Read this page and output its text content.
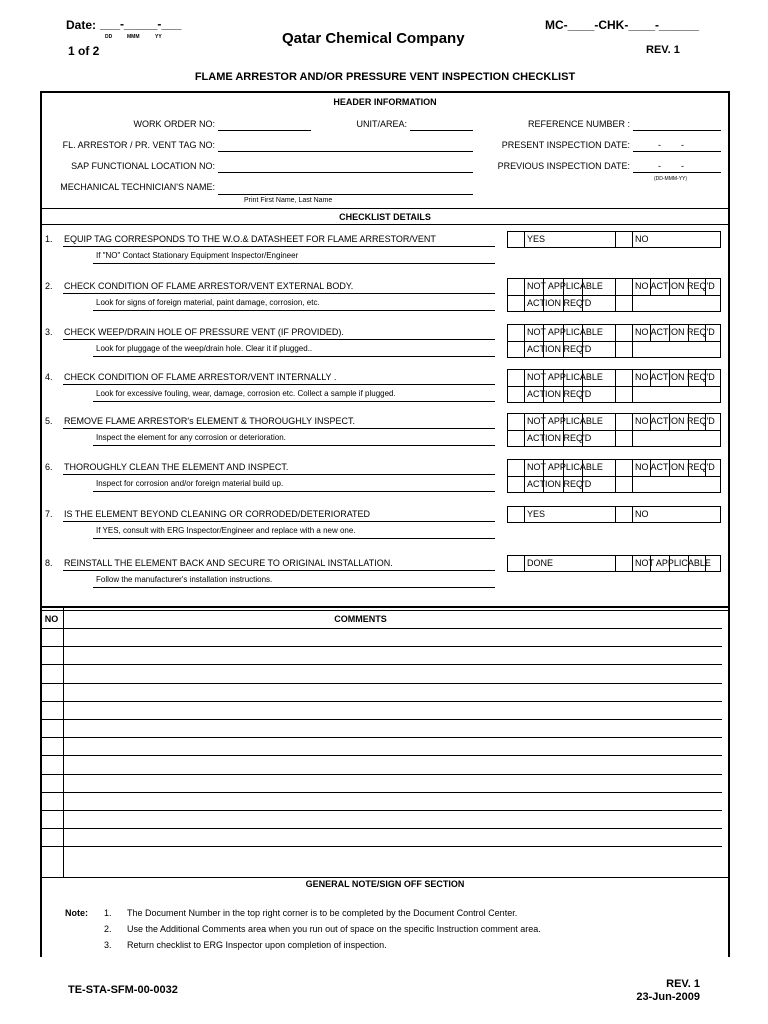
Date: ___-_____-___
DD	MMM	YY	Qatar Chemical Company
MC-____-CHK-____-______
1 of 2	REV. 1
FLAME ARRESTOR AND/OR PRESSURE VENT INSPECTION CHECKLIST
HEADER INFORMATION
WORK ORDER NO:	UNIT/AREA:	REFERENCE NUMBER :
FL. ARRESTOR / PR. VENT TAG NO:	PRESENT INSPECTION DATE:	-        -
SAP FUNCTIONAL LOCATION NO:	PREVIOUS INSPECTION DATE:	-        -
MECHANICAL TECHNICIAN'S NAME:
(DD-MMM-YY)
Print First Name, Last Name
CHECKLIST DETAILS
1. EQUIP TAG CORRESPONDS TO THE W.O.& DATASHEET FOR FLAME ARRESTOR/VENT
If "NO" Contact Stationary Equipment Inspector/Engineer
YES	NO
2. CHECK CONDITION OF FLAME ARRESTOR/VENT EXTERNAL BODY.
Look for signs of foreign material, paint damage, corrosion, etc.
NOT APPLICABLE	NO ACTION REQ'D
ACTION REQ'D
3. CHECK WEEP/DRAIN HOLE OF PRESSURE VENT (IF PROVIDED).
Look for pluggage of the weep/drain hole. Clear it if plugged..
NOT APPLICABLE	NO ACTION REQ'D
ACTION REQ'D
4. CHECK CONDITION OF FLAME ARRESTOR/VENT INTERNALLY .
Look for excessive fouling, wear, damage, corrosion etc. Collect a sample if plugged.
NOT APPLICABLE	NO ACTION REQ'D
ACTION REQ'D
5. REMOVE FLAME ARRESTOR's ELEMENT & THOROUGHLY INSPECT.
Inspect the element for any corrosion or deterioration.
NOT APPLICABLE	NO ACTION REQ'D
ACTION REQ'D
6. THOROUGHLY CLEAN THE ELEMENT AND INSPECT.
Inspect for corrosion and/or foreign material build up.
NOT APPLICABLE	NO ACTION REQ'D
ACTION REQ'D
7. IS THE ELEMENT BEYOND CLEANING OR CORRODED/DETERIORATED
If YES, consult with ERG Inspector/Engineer and replace with a new one.
YES	NO
8. REINSTALL THE ELEMENT BACK AND SECURE TO ORIGINAL INSTALLATION.
Follow the manufacturer's installation instructions.
DONE	NOT APPLICABLE
NO	COMMENTS
GENERAL NOTE/SIGN OFF SECTION
Note: 1. The Document Number in the top right corner is to be completed by the Document Control Center.
2. Use the Additional Comments area when you run out of space on the specific Instruction comment area.
3. Return checklist to ERG Inspector upon completion of inspection.
TE-STA-SFM-00-0032	REV. 1
23-Jun-2009
